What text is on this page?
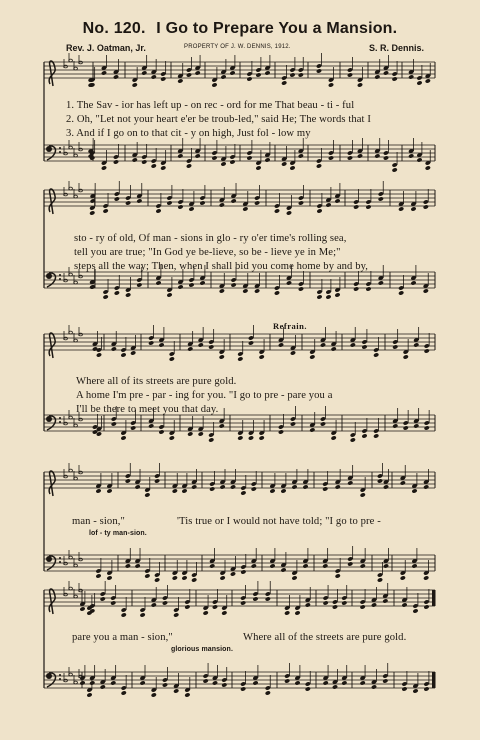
No. 120. I Go to Prepare You a Mansion.
Rev. J. Oatman, Jr.	PROPERTY OF J. W. DENNIS, 1912.	S. R. Dennis.
1. The Sav - ior has left up - on rec - ord for me That beau - ti - ful
2. Oh, "Let not your heart e'er be troub-led," said He; The words that I
3. And if I go on to that cit - y on high, Just fol - low my
sto - ry of old, Of man - sions in glo - ry o'er time's rolling sea,
tell you are true; "In God ye be-lieve, so be - lieve ye in Me;"
steps all the way; Then, when I shall bid you come home by and by,
Refrain.
Where all of its streets are pure gold.
A home I'm pre - par - ing for you. "I go to pre - pare you a
I'll be there to meet you that day.
man - sion,"	'Tis true or I would not have told; "I go to pre -
lof - ty man-sion.
pare you a man - sion,"	Where all of the streets are pure gold.
glorious mansion.
